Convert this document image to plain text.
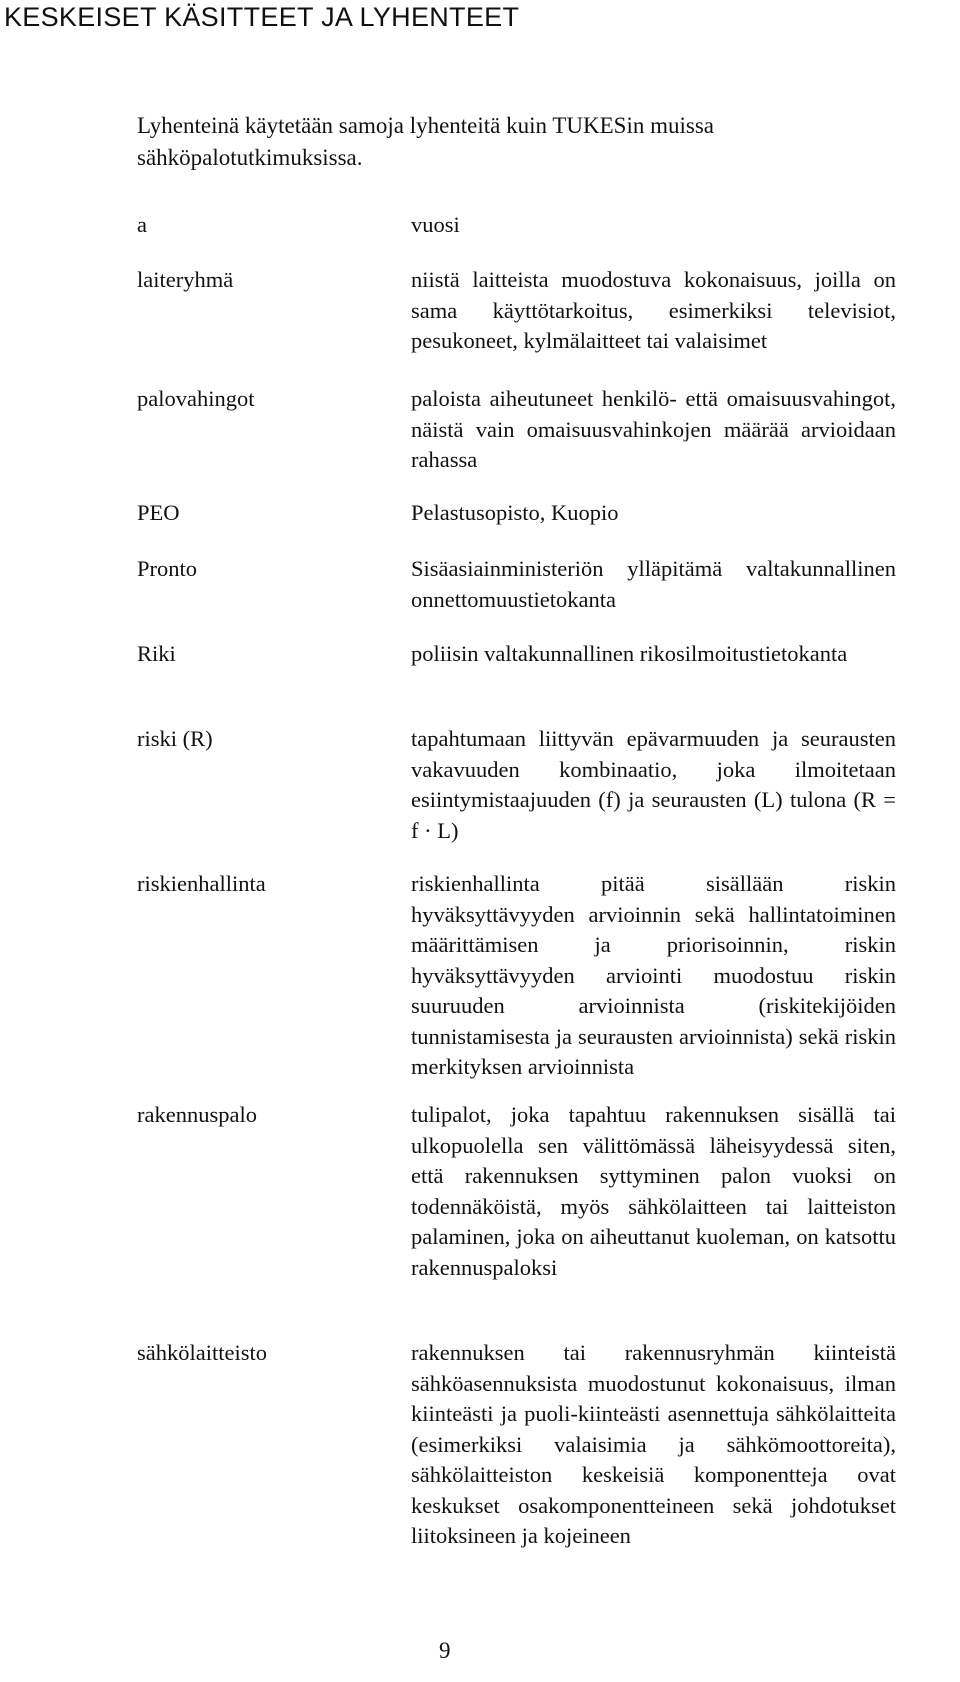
KESKEISET KÄSITTEET JA LYHENTEET

Lyhenteinä käytetään samoja lyhenteitä kuin TUKESin muissa sähköpalotutkimuksissa.

a	vuosi

laiteryhmä	niistä laitteista muodostuva kokonaisuus, joilla on sama käyttötarkoitus, esimerkiksi televisiot, pesukoneet, kylmälaitteet tai valaisimet

palovahingot	paloista aiheutuneet henkilö- että omaisuusvahingot, näistä vain omaisuusvahinkojen määrää arvioidaan rahassa

PEO	Pelastusopisto, Kuopio

Pronto	Sisäasiainministeriön ylläpitämä valtakunnallinen onnettomuustietokanta

Riki	poliisin valtakunnallinen rikosilmoitustietokanta

riski (R)	tapahtumaan liittyvän epävarmuuden ja seurausten vakavuuden kombinaatio, joka ilmoitetaan esiintymistaajuuden (f) ja seurausten (L) tulona (R = f · L)

riskienhallinta	riskienhallinta pitää sisällään riskin hyväksyttävyyden arvioinnin sekä hallintatoiminen määrittämisen ja priorisoinnin, riskin hyväksyttävyyden arviointi muodostuu riskin suuruuden arvioinnista (riskitekijöiden tunnistamisesta ja seurausten arvioinnista) sekä riskin merkityksen arvioinnista

rakennuspalo	tulipalot, joka tapahtuu rakennuksen sisällä tai ulkopuolella sen välittömässä läheisyydessä siten, että rakennuksen syttyminen palon vuoksi on todennäköistä, myös sähkölaitteen tai laitteiston palaminen, joka on aiheuttanut kuoleman, on katsottu rakennuspaloksi

sähkölaitteisto	rakennuksen tai rakennusryhmän kiinteistä sähköasennuksista muodostunut kokonaisuus, ilman kiinteästi ja puoli-kiinteästi asennettuja sähkölaitteita (esimerkiksi valaisimia ja sähkömoottoreita), sähkölaitteiston keskeisiä komponentteja ovat keskukset osakomponentteineen sekä johdotukset liitoksineen ja kojeineen

9
